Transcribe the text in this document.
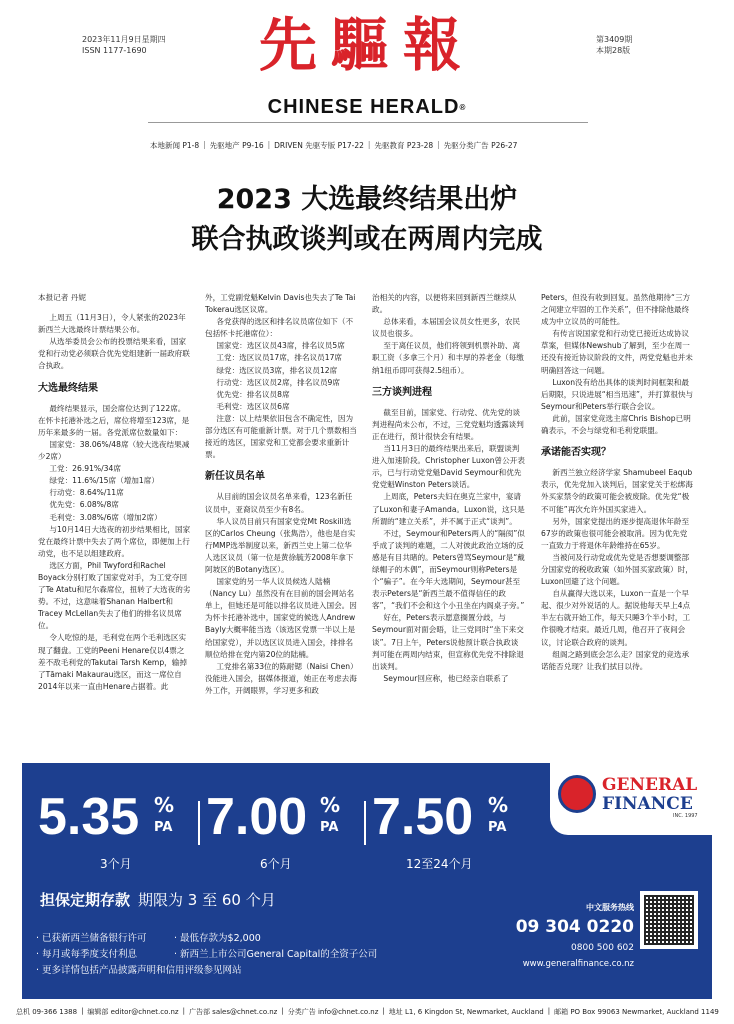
2023年11月9日星期四
ISSN 1177-1690	先驅報
CHINESE HERALD®
第3409期
本期28版
本地新闻 P1-8 | 先驱地产 P9-16 | DRIVEN 先驱专版 P17-22 | 先驱教育 P23-28 | 先驱分类广告 P26-27
2023 大选最终结果出炉
联合执政谈判或在两周内完成

本报记者 丹妮

上周五（11月3日），令人紧张的2023年新西兰大选最终计票结果公布。

从选举委员会公布的投票结果来看，国家党和行动党必须联合优先党组建新一届政府联合执政。

大选最终结果

最终结果显示，国会席位达到了122席。在怀卡托港补选之后，席位将增至123席，是历年来最多的一届。各党派席位数量如下：

国家党：38.06%/48席（较大选夜结果减少2席）

工党：26.91%/34席

绿党：11.6%/15席（增加1席）

行动党：8.64%/11席

优先党：6.08%/8席

毛利党：3.08%/6席（增加2席）

与10月14日大选夜的初步结果相比，国家党在最终计票中失去了两个席位，即便加上行动党，也不足以组建政府。

选区方面，Phil Twyford和Rachel Boyack分别打败了国家党对手，为工党夺回了Te Atatu和尼尔森席位，扭转了大选夜的劣势。不过，这意味着Shanan Halbert和Tracey McLellan失去了他们的排名议员席位。

令人吃惊的是，毛利党在两个毛利选区实现了翻盘。工党的Peeni Henare仅以4票之差不敌毛利党的Takutai Tarsh Kemp，输掉了Tāmaki Makaurau选区，而这一席位自2014年以来一直由Henare占据着。此

外，工党副党魁Kelvin Davis也失去了Te Tai Tokerau选区议席。

各党获得的选区和排名议员席位如下（不包括怀卡托港席位）：

国家党：选区议员43席，排名议员5席

工党：选区议员17席，排名议员17席

绿党：选区议员3席，排名议员12席

行动党：选区议员2席，排名议员9席

优先党：排名议员8席

毛利党：选区议员6席

注意：以上结果依旧包含不确定性，因为部分选区有可能重新计票。对于几个票数相当接近的选区，国家党和工党都会要求重新计票。

新任议员名单

从目前的国会议员名单来看，123名新任议员中，亚裔议员至少有8名。

华人议员目前只有国家党党Mt Roskill选区的Carlos Cheung（张雋浩），他也是自实行MMP选举制度以来，新西兰史上第二位华人选区议员（第一位是黄徐毓芳2008年拿下阿坡区的Botany选区）。

国家党的另一华人议员候选人陆楠（Nancy Lu）虽然没有在目前的国会网站名单上，但她还是可能以排名议员进入国会。因为怀卡托港补选中，国家党的候选人Andrew Bayly大概率能当选（该选区党票一半以上是给国家党），并以选区议员进入国会，排排名顺位给排在党内第20位的陆楠。

工党排名第33位的陈耐锶（Naisi Chen）没能进入国会，据媒体报道，她正在考虑去海外工作，开阔眼界，学习更多和政

治相关的内容，以便将来回到新西兰继续从政。

总体来看，本届国会议员女性更多，农民议员也很多。

至于离任议员，他们将领到机票补助、离职工资（多拿三个月）和丰厚的养老金（每缴纳1纽币即可获得2.5纽币）。

三方谈判进程

截至目前，国家党、行动党、优先党的谈判进程尚未公布，不过，三党党魁均透露谈判正在进行，预计很快会有结果。

当11月3日的最终结果出来后，联盟谈判进入加速阶段。Christopher Luxon曾公开表示，已与行动党党魁David Seymour和优先党党魁Winston Peters谈话。

上周底，Peters夫妇在奥克兰家中，宴请了Luxon和妻子Amanda。Luxon说，这只是所谓的“建立关系”，并不属于正式“谈判”。

不过，Seymour和Peters两人的“隔阂”似乎成了谈判的难题，二人对彼此政治立场的反感是有目共睹的。Peters曾骂Seymour是“戴绿帽子的木偶”，而Seymour则称Peters是个“骗子”。在今年大选期间，Seymour甚至表示Peters是“新西兰最不值得信任的政客”，“我们不会和这个小丑坐在内阁桌子旁。”

好在，Peters表示愿意搁置分歧，与Seymour面对面会晤，让三党同时“坐下来交谈”。7日上午，Peters说他预计联合执政谈判可能在两周内结束，但宣称优先党不排除退出谈判。

Seymour回应称，他已经亲自联系了

Peters，但没有收到回复。虽然他期待“三方之间建立牢固的工作关系”，但不排除他最终成为中立议员的可能性。

有传言说国家党和行动党已接近达成协议草案，但媒体Newshub了解到，至少在周一还没有接近协议阶段的文件，两党党魁也并未明确回答这一问题。

Luxon没有给出具体的谈判时间框架和最后期限，只说进展“相当迅速”，并打算很快与Seymour和Peters举行联合会议。

此前，国家党竞选主席Chris Bishop已明确表示，不会与绿党和毛利党联盟。

承诺能否实现？

新西兰独立经济学家 Shamubeel Eaqub表示，优先党加入谈判后，国家党关于松绑海外买家禁令的政策可能会被废除。优先党“极不可能”再次允许外国买家进入。

另外，国家党提出的逐步提高退休年龄至67岁的政策也很可能会被取消。因为优先党一直致力于将退休年龄维持在65岁。

当被问及行动党或优先党是否想要调整部分国家党的税收政策（如外国买家政策）时，Luxon回避了这个问题。

自从赢得大选以来，Luxon一直是一个早起、很少对外说话的人。据说他每天早上4点半左右就开始工作，每天只睡3个半小时，工作很晚才结束。最近几周，他召开了夜间会议，讨论联合政府的谈判。

组阁之路到底会怎么走？国家党的竞选承诺能否兑现？让我们拭目以待。

5.35 %
PA
3个月
7.00 %
PA
6个月
7.50 %
PA
12至24个月
GENERAL
FINANCE
INC. 1997
担保定期存款 期限为 3 至 60 个月
· 已获新西兰储备银行许可
· 每月或每季度支付利息
· 更多详情包括产品披露声明和信用评级参见网站
· 最低存款为$2,000
· 新西兰上市公司General Capital的全资子公司
中文服务热线
09 304 0220
0800 500 602
www.generalfinance.co.nz
总机 09-366 1388 | 编辑部 editor@chnet.co.nz | 广告部 sales@chnet.co.nz | 分类广告 info@chnet.co.nz | 地址 L1, 6 Kingdon St, Newmarket, Auckland | 邮箱 PO Box 99063 Newmarket, Auckland 1149
